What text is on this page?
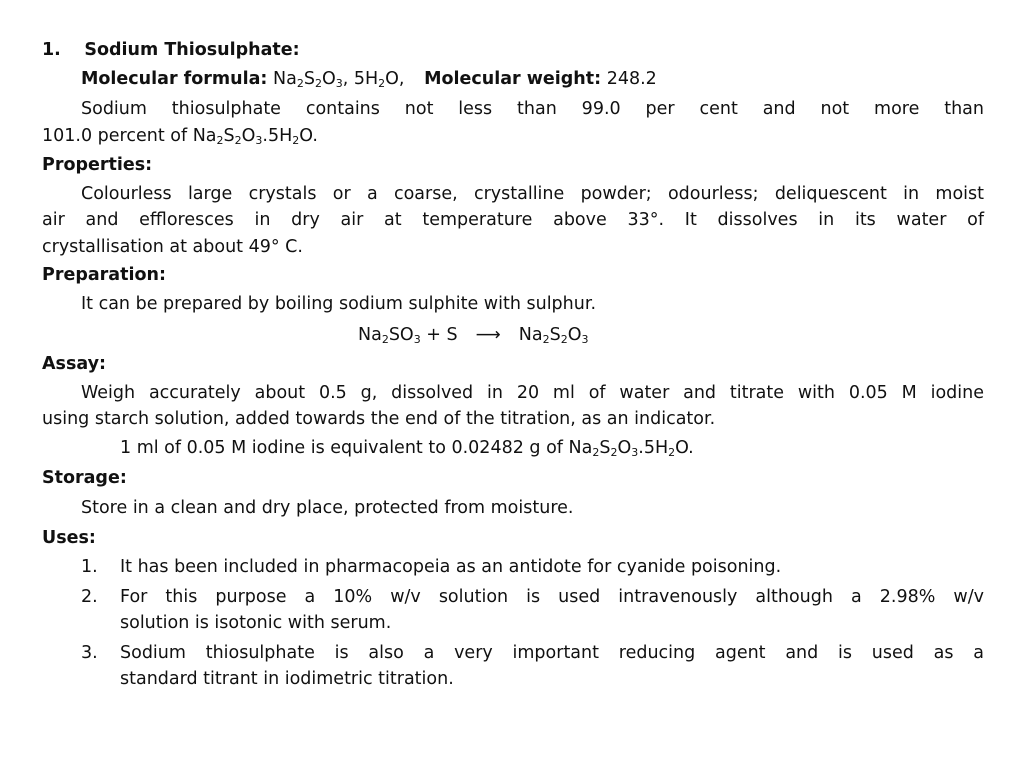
1. Sodium Thiosulphate:
Molecular formula: $Na_2S_2O_3$, $5H_2O$, Molecular weight: 248.2
Sodium thiosulphate contains not less than 99.0 per cent and not more than
101.0 percent of $Na_2S_2O_3.5H_2O$.
Properties:
Colourless large crystals or a coarse, crystalline powder; odourless; deliquescent in moist
air and effloresces in dry air at temperature above 33°. It dissolves in its water of
crystallisation at about 49° C.
Preparation:
It can be prepared by boiling sodium sulphite with sulphur.
$Na_2SO_3 + S$ ⟶ $Na_2S_2O_3$
Assay:
Weigh accurately about 0.5 g, dissolved in 20 ml of water and titrate with 0.05 M iodine
using starch solution, added towards the end of the titration, as an indicator.
1 ml of 0.05 M iodine is equivalent to 0.02482 g of $Na_2S_2O_3.5H_2O$.
Storage:
Store in a clean and dry place, protected from moisture.
Uses:
1. It has been included in pharmacopeia as an antidote for cyanide poisoning.
2. For this purpose a 10% w/v solution is used intravenously although a 2.98% w/v
solution is isotonic with serum.
3. Sodium thiosulphate is also a very important reducing agent and is used as a
standard titrant in iodimetric titration.
